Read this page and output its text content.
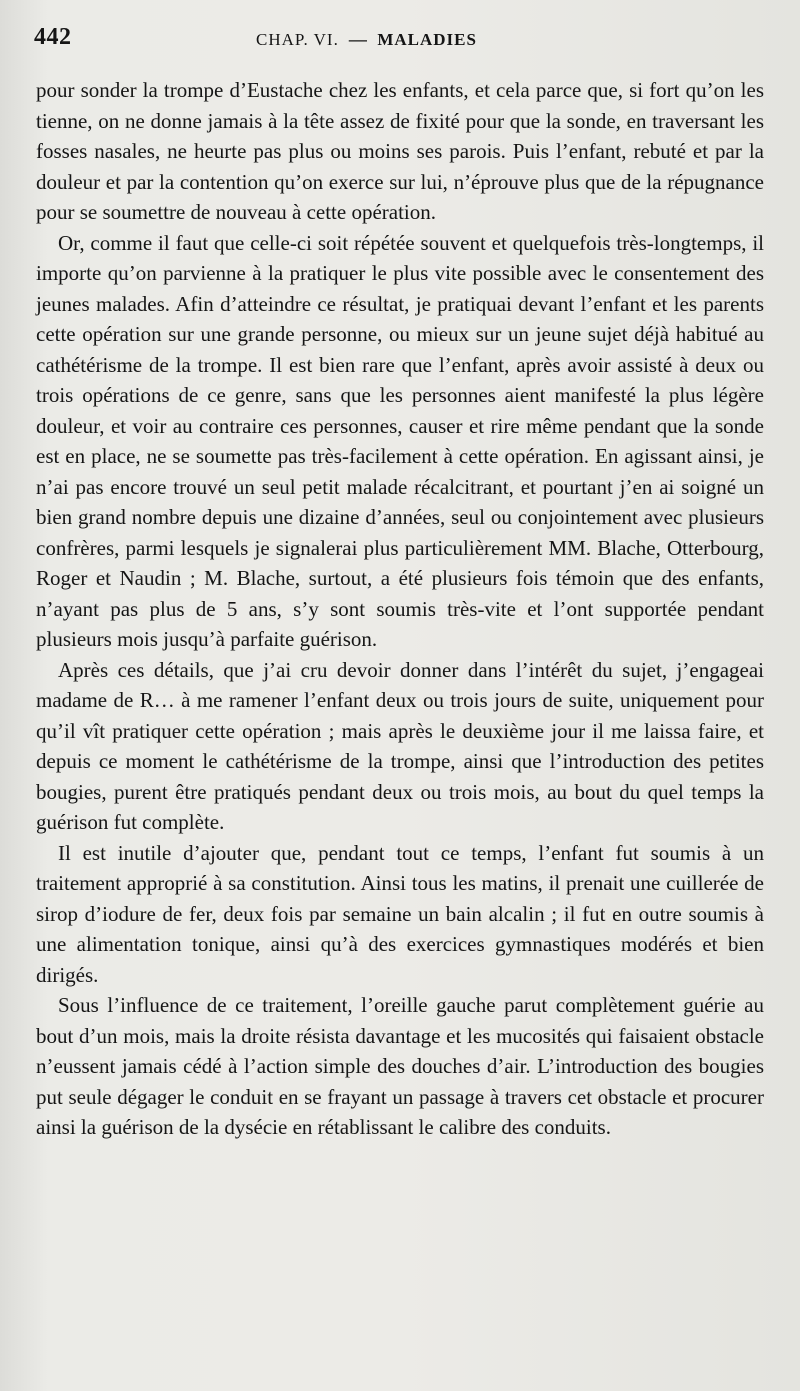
442	CHAP. VI. — MALADIES

pour sonder la trompe d’Eustache chez les enfants, et cela parce que, si fort qu’on les tienne, on ne donne jamais à la tête assez de fixité pour que la sonde, en traversant les fosses nasales, ne heurte pas plus ou moins ses parois. Puis l’enfant, rebuté et par la douleur et par la contention qu’on exerce sur lui, n’éprouve plus que de la répugnance pour se soumettre de nouveau à cette opération.

Or, comme il faut que celle-ci soit répétée souvent et quelquefois très-longtemps, il importe qu’on parvienne à la pratiquer le plus vite possible avec le consentement des jeunes malades. Afin d’atteindre ce résultat, je pratiquai devant l’enfant et les parents cette opération sur une grande personne, ou mieux sur un jeune sujet déjà habitué au cathétérisme de la trompe. Il est bien rare que l’enfant, après avoir assisté à deux ou trois opérations de ce genre, sans que les personnes aient manifesté la plus légère douleur, et voir au contraire ces personnes, causer et rire même pendant que la sonde est en place, ne se soumette pas très-facilement à cette opération. En agissant ainsi, je n’ai pas encore trouvé un seul petit malade récalcitrant, et pourtant j’en ai soigné un bien grand nombre depuis une dizaine d’années, seul ou conjointement avec plusieurs confrères, parmi lesquels je signalerai plus particulièrement MM. Blache, Otterbourg, Roger et Naudin ; M. Blache, surtout, a été plusieurs fois témoin que des enfants, n’ayant pas plus de 5 ans, s’y sont soumis très-vite et l’ont supportée pendant plusieurs mois jusqu’à parfaite guérison.

Après ces détails, que j’ai cru devoir donner dans l’intérêt du sujet, j’engageai madame de R… à me ramener l’enfant deux ou trois jours de suite, uniquement pour qu’il vît pratiquer cette opération ; mais après le deuxième jour il me laissa faire, et depuis ce moment le cathétérisme de la trompe, ainsi que l’introduction des petites bougies, purent être pratiqués pendant deux ou trois mois, au bout du quel temps la guérison fut complète.

Il est inutile d’ajouter que, pendant tout ce temps, l’enfant fut soumis à un traitement approprié à sa constitution. Ainsi tous les matins, il prenait une cuillerée de sirop d’iodure de fer, deux fois par semaine un bain alcalin ; il fut en outre soumis à une alimentation tonique, ainsi qu’à des exercices gymnastiques modérés et bien dirigés.

Sous l’influence de ce traitement, l’oreille gauche parut complètement guérie au bout d’un mois, mais la droite résista davantage et les mucosités qui faisaient obstacle n’eussent jamais cédé à l’action simple des douches d’air. L’introduction des bougies put seule dégager le conduit en se frayant un passage à travers cet obstacle et procurer ainsi la guérison de la dysécie en rétablissant le calibre des conduits.
